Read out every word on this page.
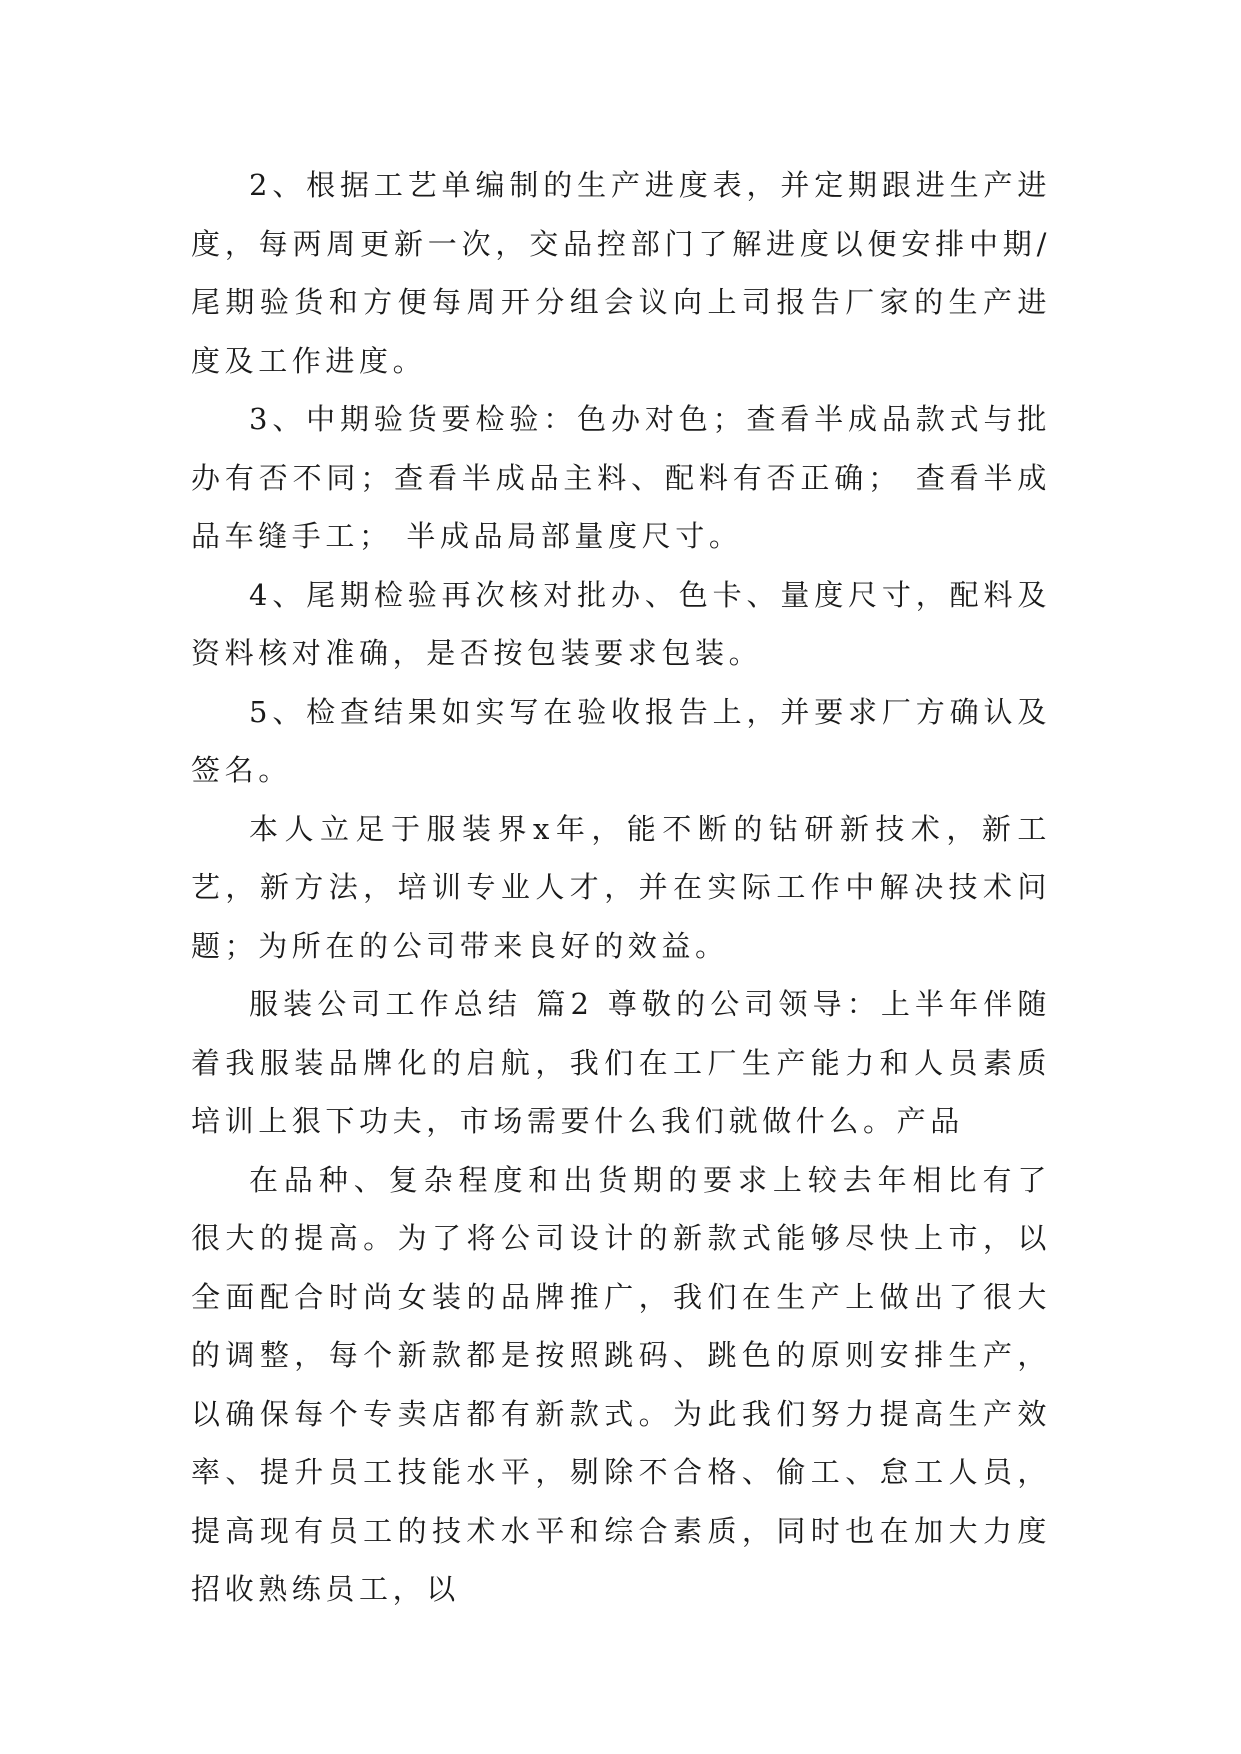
2、根据工艺单编制的生产进度表，并定期跟进生产进度，每两周更新一次，交品控部门了解进度以便安排中期/尾期验货和方便每周开分组会议向上司报告厂家的生产进度及工作进度。

3、中期验货要检验：色办对色；查看半成品款式与批办有否不同；查看半成品主料、配料有否正确； 查看半成品车缝手工； 半成品局部量度尺寸。

4、尾期检验再次核对批办、色卡、量度尺寸，配料及资料核对准确，是否按包装要求包装。

5、检查结果如实写在验收报告上，并要求厂方确认及签名。

本人立足于服装界x年，能不断的钻研新技术，新工艺，新方法，培训专业人才，并在实际工作中解决技术问题；为所在的公司带来良好的效益。

服装公司工作总结 篇2 尊敬的公司领导：上半年伴随着我服装品牌化的启航，我们在工厂生产能力和人员素质培训上狠下功夫，市场需要什么我们就做什么。产品

在品种、复杂程度和出货期的要求上较去年相比有了很大的提高。为了将公司设计的新款式能够尽快上市，以全面配合时尚女装的品牌推广，我们在生产上做出了很大的调整，每个新款都是按照跳码、跳色的原则安排生产，以确保每个专卖店都有新款式。为此我们努力提高生产效率、提升员工技能水平，剔除不合格、偷工、怠工人员，提高现有员工的技术水平和综合素质，同时也在加大力度招收熟练员工，以
